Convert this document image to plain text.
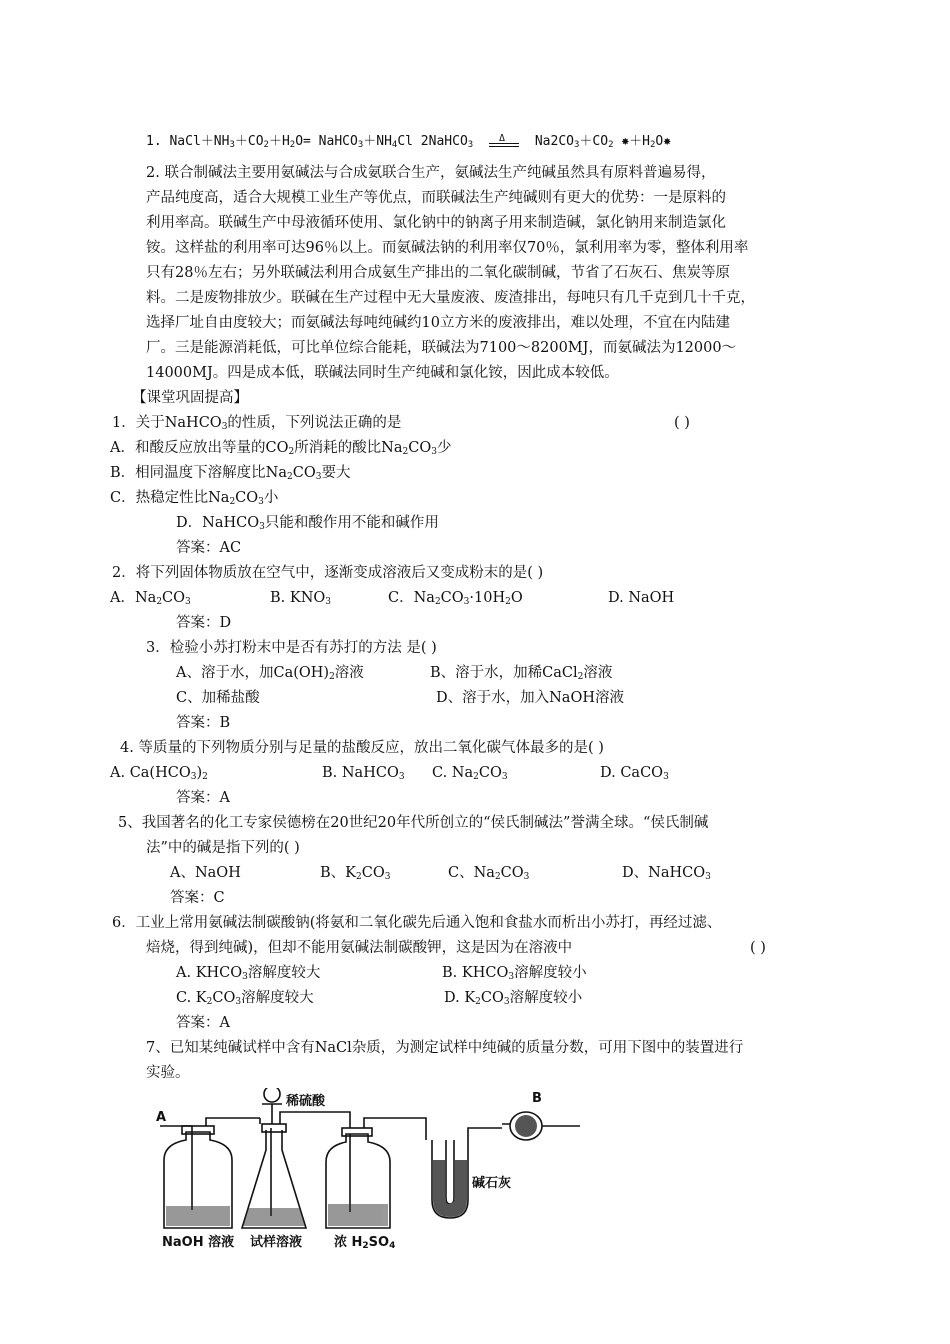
1. $NaCl+NH_3+CO_2+H_2O=$ $NaHCO_3+NH_4Cl$ 2NaHCO$_3$
Δ $Na2CO_3+CO_2$ $✸+H_2O✸$
2. 联合制碱法主要用氨碱法与合成氨联合生产，氨碱法生产纯碱虽然具有原料普遍易得，
产品纯度高，适合大规模工业生产等优点，而联碱法生产纯碱则有更大的优势：一是原料的
利用率高。联碱生产中母液循环使用、氯化钠中的钠离子用来制造碱，氯化钠用来制造氯化
铵。这样盐的利用率可达96％以上。而氨碱法钠的利用率仅70％，氯利用率为零，整体利用率
只有28％左右；另外联碱法利用合成氨生产排出的二氧化碳制碱，节省了石灰石、焦炭等原
料。二是废物排放少。联碱在生产过程中无大量废液、废渣排出，每吨只有几千克到几十千克，
选择厂址自由度较大；而氨碱法每吨纯碱约10立方米的废液排出，难以处理，不宜在内陆建
厂。三是能源消耗低，可比单位综合能耗，联碱法为7100～8200MJ，而氨碱法为12000～
14000MJ。四是成本低，联碱法同时生产纯碱和氯化铵，因此成本较低。
【课堂巩固提高】
1．关于NaHCO$_3$的性质，下列说法正确的是	( )
A．和酸反应放出等量的$CO_2$所消耗的酸比$Na_2CO_3$少
B．相同温度下溶解度比$Na_2CO_3$要大
C．热稳定性比$Na_2CO_3$小
D．NaHCO$_3$只能和酸作用不能和碱作用
答案：AC
2．将下列固体物质放在空气中，逐渐变成溶液后又变成粉末的是( )
A．$Na_2CO_3$	B. $KNO_3$	C．$Na_2CO_3\cdot 10H_2O$	D. NaOH
答案：D
3．检验小苏打粉末中是否有苏打的方法 是( )
A、溶于水，加$Ca(OH)_2$溶液	B、溶于水，加稀CaCl$_2$溶液
C、加稀盐酸	D、溶于水，加入NaOH溶液
答案：B
4. 等质量的下列物质分别与足量的盐酸反应，放出二氧化碳气体最多的是( )
A. $Ca(HCO_3)_2$	B. NaHCO$_3$ C. $Na_2CO_3$	D. CaCO$_3$
答案：A
5、我国著名的化工专家侯德榜在20世纪20年代所创立的“侯氏制碱法”誉满全球。“侯氏制碱
法”中的碱是指下列的( )
A、NaOH	B、$K_2CO_3$	C、$Na_2CO_3$	D、NaHCO$_3$
答案：C
6．工业上常用氨碱法制碳酸钠(将氨和二氧化碳先后通入饱和食盐水而析出小苏打，再经过滤、
焙烧，得到纯碱)，但却不能用氨碱法制碳酸钾，这是因为在溶液中	( )
A. $KHCO_3$溶解度较大	B. $KHCO_3$溶解度较小
C. $K_2CO_3$溶解度较大	D. $K_2CO_3$溶解度较小
答案：A
7、已知某纯碱试样中含有NaCl杂质，为测定试样中纯碱的质量分数，可用下图中的装置进行
实验。
A
B
稀硫酸
碱石灰
NaOH 溶液 试样溶液 浓 $H_2SO_4$
